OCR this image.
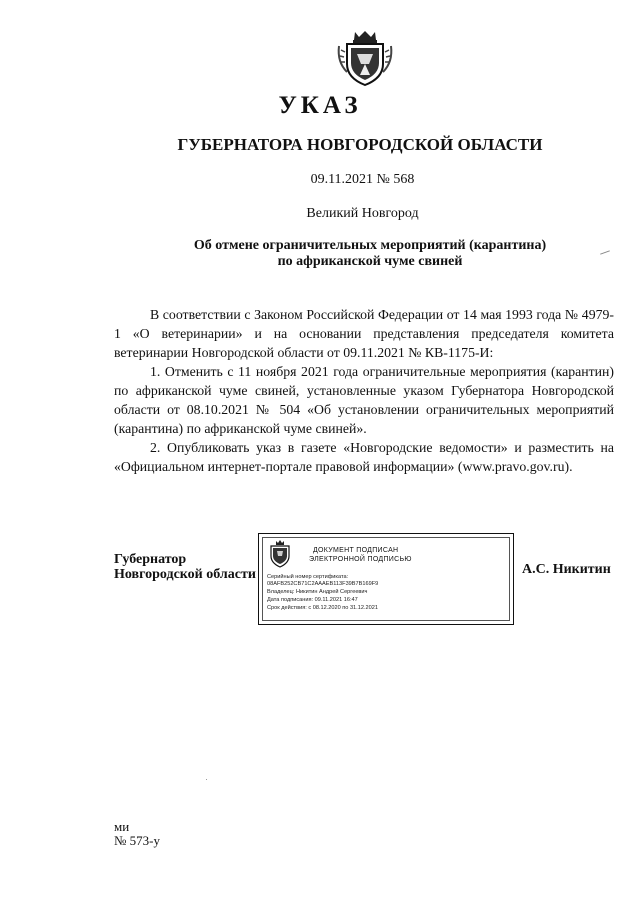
УКАЗ
ГУБЕРНАТОРА НОВГОРОДСКОЙ ОБЛАСТИ
09.11.2021 № 568
Великий Новгород
Об отмене ограничительных мероприятий (карантина)
по африканской чуме свиней

В соответствии с Законом Российской Федерации от 14 мая 1993 года № 4979-1 «О ветеринарии» и на основании представления председателя комитета ветеринарии Новгородской области от 09.11.2021 № КВ-1175-И:

1. Отменить с 11 ноября 2021 года ограничительные мероприятия (карантин) по африканской чуме свиней, установленные указом Губернатора Новгородской области от 08.10.2021 № 504 «Об установлении ограничительных мероприятий (карантина) по африканской чуме свиней».

2. Опубликовать указ в газете «Новгородские ведомости» и разместить на «Официальном интернет-портале правовой информации» (www.pravo.gov.ru).

Губернатор
Новгородской области
ДОКУМЕНТ ПОДПИСАН
ЭЛЕКТРОННОЙ ПОДПИСЬЮ
Серийный номер сертификата:
08AFB252CB71C2AAAEB113F39B7B169F9
Владелец: Никитин Андрей Сергеевич
Дата подписания: 09.11.2021 16:47
Срок действия: с 08.12.2020 по 31.12.2021
А.С. Никитин
ми
№ 573-у
